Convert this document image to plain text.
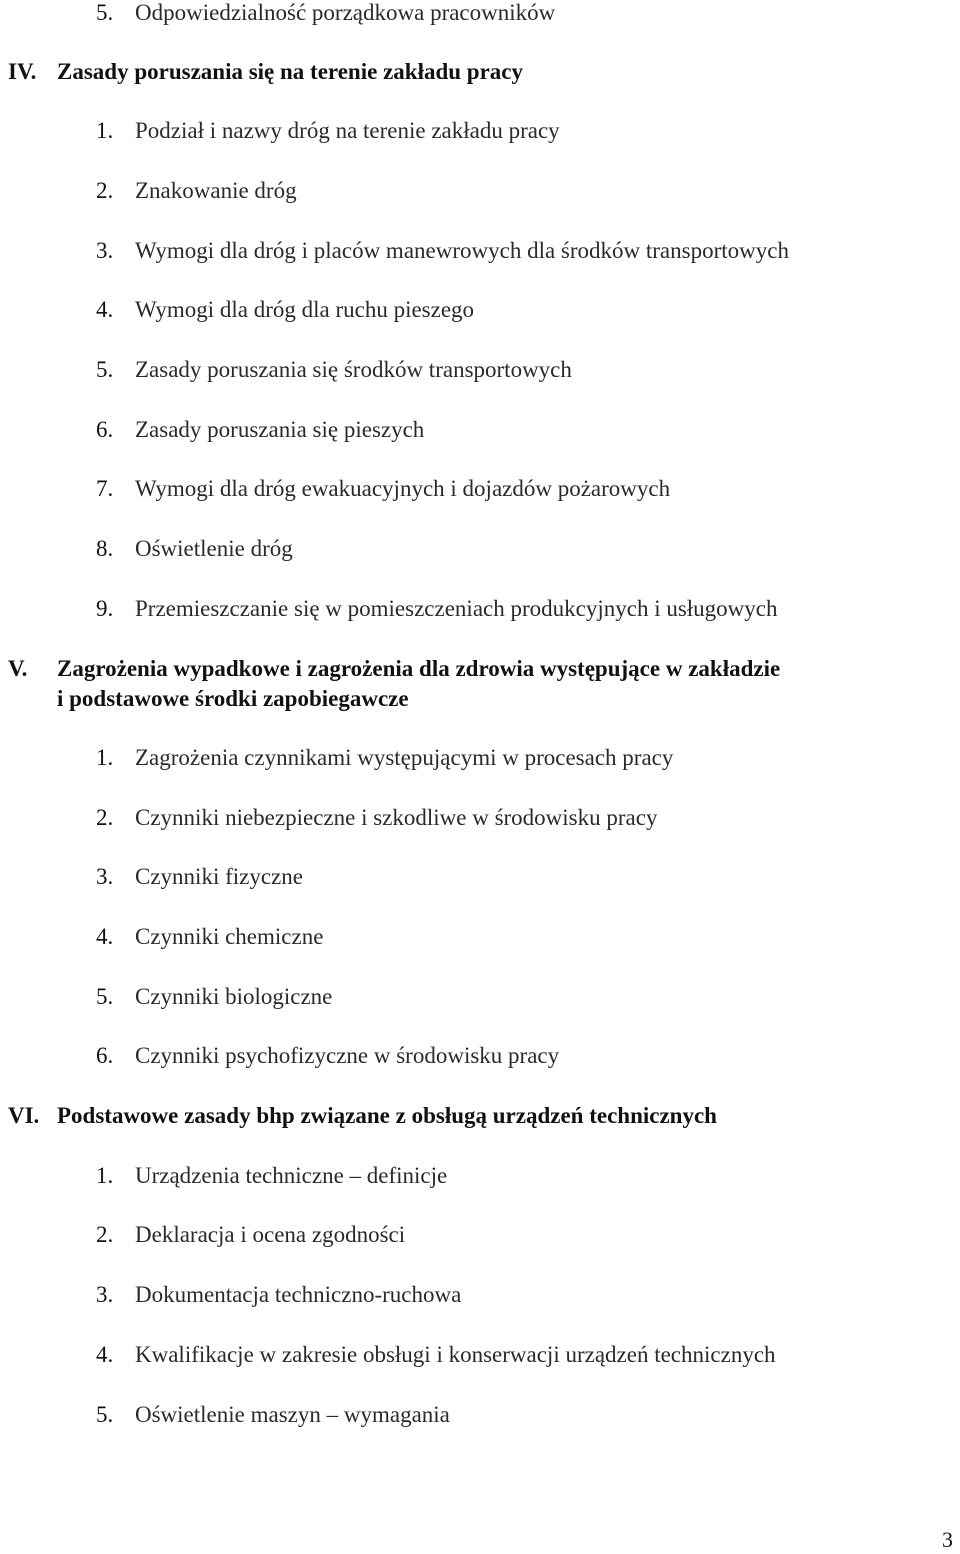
5. Odpowiedzialność porządkowa pracowników
IV. Zasady poruszania się na terenie zakładu pracy
1. Podział i nazwy dróg na terenie zakładu pracy
2. Znakowanie dróg
3. Wymogi dla dróg i placów manewrowych dla środków transportowych
4. Wymogi dla dróg dla ruchu pieszego
5. Zasady poruszania się środków transportowych
6. Zasady poruszania się pieszych
7. Wymogi dla dróg ewakuacyjnych i dojazdów pożarowych
8. Oświetlenie dróg
9. Przemieszczanie się w pomieszczeniach produkcyjnych i usługowych
V. Zagrożenia wypadkowe i zagrożenia dla zdrowia występujące w zakładzie
i podstawowe środki zapobiegawcze
1. Zagrożenia czynnikami występującymi w procesach pracy
2. Czynniki niebezpieczne i szkodliwe w środowisku pracy
3. Czynniki fizyczne
4. Czynniki chemiczne
5. Czynniki biologiczne
6. Czynniki psychofizyczne w środowisku pracy
VI. Podstawowe zasady bhp związane z obsługą urządzeń technicznych
1. Urządzenia techniczne – definicje
2. Deklaracja i ocena zgodności
3. Dokumentacja techniczno-ruchowa
4. Kwalifikacje w zakresie obsługi i konserwacji urządzeń technicznych
5. Oświetlenie maszyn – wymagania
3
